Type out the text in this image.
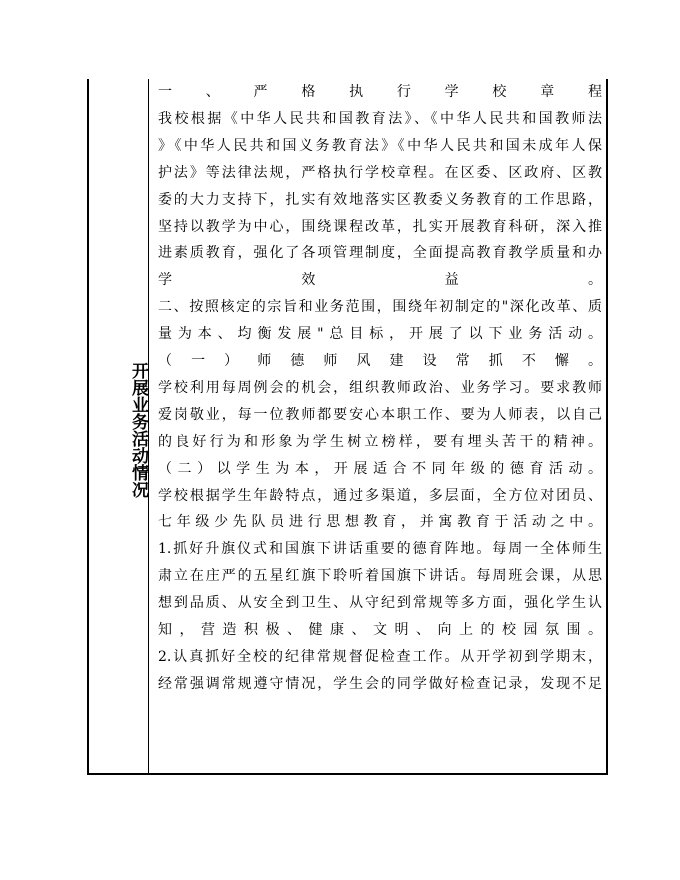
开展业务活动情况
一 、 严 格 执 行 学 校 章 程
我校根据《中华人民共和国教育法》、《中华人民共和国教师法
》《中华人民共和国义务教育法》《中华人民共和国未成年人保
护法》等法律法规，严格执行学校章程。在区委、区政府、区教
委的大力支持下，扎实有效地落实区教委义务教育的工作思路，
坚持以教学为中心，围绕课程改革，扎实开展教育科研，深入推
进素质教育，强化了各项管理制度，全面提高教育教学质量和办
学 效 益 。
二、按照核定的宗旨和业务范围，围绕年初制定的"深化改革、质
量为本、均衡发展"总目标，开展了以下业务活动。
（ 一 ） 师 德 师 风 建 设 常 抓 不 懈 。
学校利用每周例会的机会，组织教师政治、业务学习。要求教师
爱岗敬业，每一位教师都要安心本职工作、要为人师表，以自己
的良好行为和形象为学生树立榜样，要有埋头苦干的精神。
（二）以学生为本，开展适合不同年级的德育活动。
学校根据学生年龄特点，通过多渠道，多层面，全方位对团员、
七年级少先队员进行思想教育，并寓教育于活动之中。
1.抓好升旗仪式和国旗下讲话重要的德育阵地。每周一全体师生
肃立在庄严的五星红旗下聆听着国旗下讲话。每周班会课，从思
想到品质、从安全到卫生、从守纪到常规等多方面，强化学生认
知 ， 营 造 积 极 、 健 康 、 文 明 、 向 上 的 校 园 氛 围 。
2.认真抓好全校的纪律常规督促检查工作。从开学初到学期末，
经常强调常规遵守情况，学生会的同学做好检查记录，发现不足
